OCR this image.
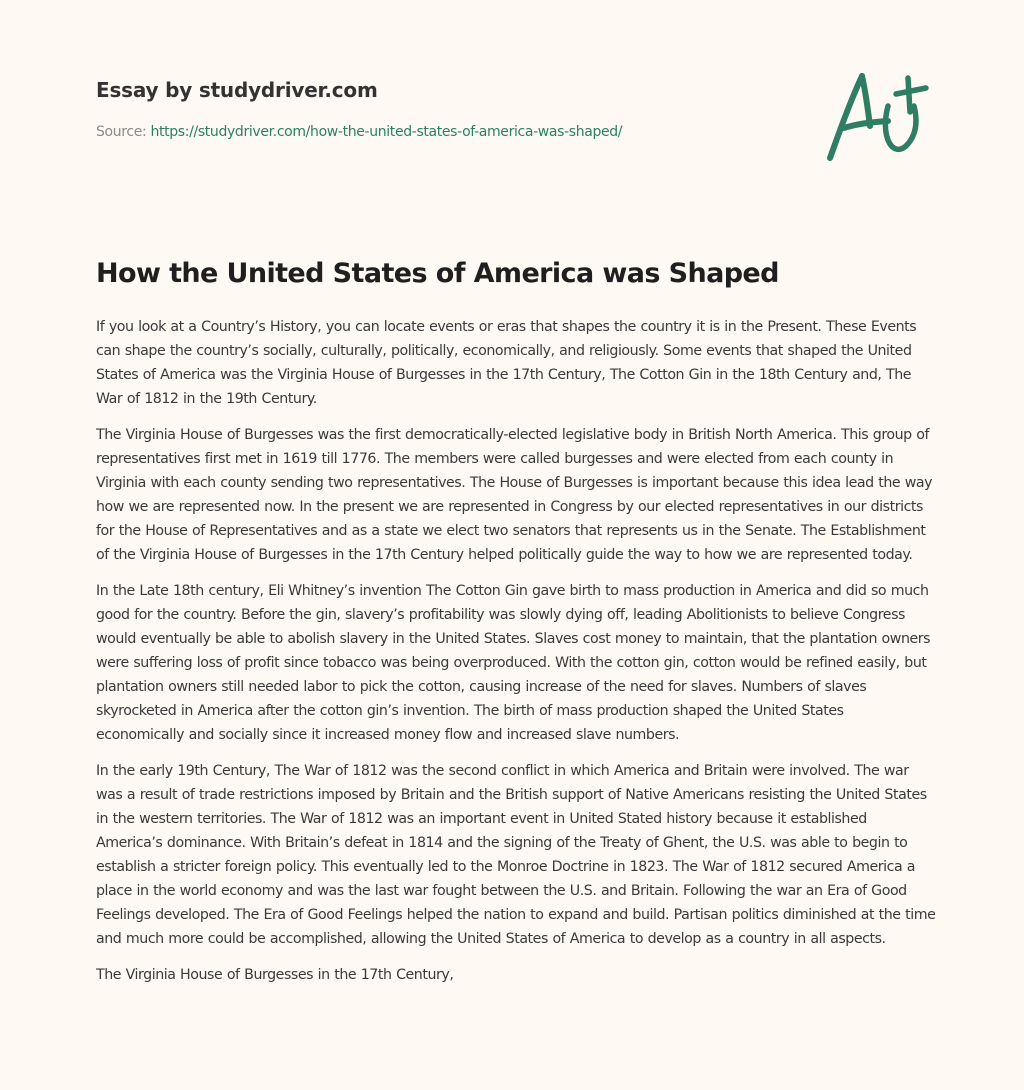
Essay by studydriver.com
Source: https://studydriver.com/how-the-united-states-of-america-was-shaped/
How the United States of America was Shaped

If you look at a Country’s History, you can locate events or eras that shapes the country it is in the Present. These Events can shape the country’s socially, culturally, politically, economically, and religiously. Some events that shaped the United States of America was the Virginia House of Burgesses in the 17th Century, The Cotton Gin in the 18th Century and, The War of 1812 in the 19th Century.

The Virginia House of Burgesses was the first democratically-elected legislative body in British North America. This group of representatives first met in 1619 till 1776. The members were called burgesses and were elected from each county in Virginia with each county sending two representatives. The House of Burgesses is important because this idea lead the way how we are represented now. In the present we are represented in Congress by our elected representatives in our districts for the House of Representatives and as a state we elect two senators that represents us in the Senate. The Establishment of the Virginia House of Burgesses in the 17th Century helped politically guide the way to how we are represented today.

In the Late 18th century, Eli Whitney’s invention The Cotton Gin gave birth to mass production in America and did so much good for the country. Before the gin, slavery’s profitability was slowly dying off, leading Abolitionists to believe Congress would eventually be able to abolish slavery in the United States. Slaves cost money to maintain, that the plantation owners were suffering loss of profit since tobacco was being overproduced. With the cotton gin, cotton would be refined easily, but plantation owners still needed labor to pick the cotton, causing increase of the need for slaves. Numbers of slaves skyrocketed in America after the cotton gin’s invention. The birth of mass production shaped the United States economically and socially since it increased money flow and increased slave numbers.

In the early 19th Century, The War of 1812 was the second conflict in which America and Britain were involved. The war was a result of trade restrictions imposed by Britain and the British support of Native Americans resisting the United States in the western territories. The War of 1812 was an important event in United Stated history because it established America’s dominance. With Britain’s defeat in 1814 and the signing of the Treaty of Ghent, the U.S. was able to begin to establish a stricter foreign policy. This eventually led to the Monroe Doctrine in 1823. The War of 1812 secured America a place in the world economy and was the last war fought between the U.S. and Britain. Following the war an Era of Good Feelings developed. The Era of Good Feelings helped the nation to expand and build. Partisan politics diminished at the time and much more could be accomplished, allowing the United States of America to develop as a country in all aspects.

The Virginia House of Burgesses in the 17th Century,
